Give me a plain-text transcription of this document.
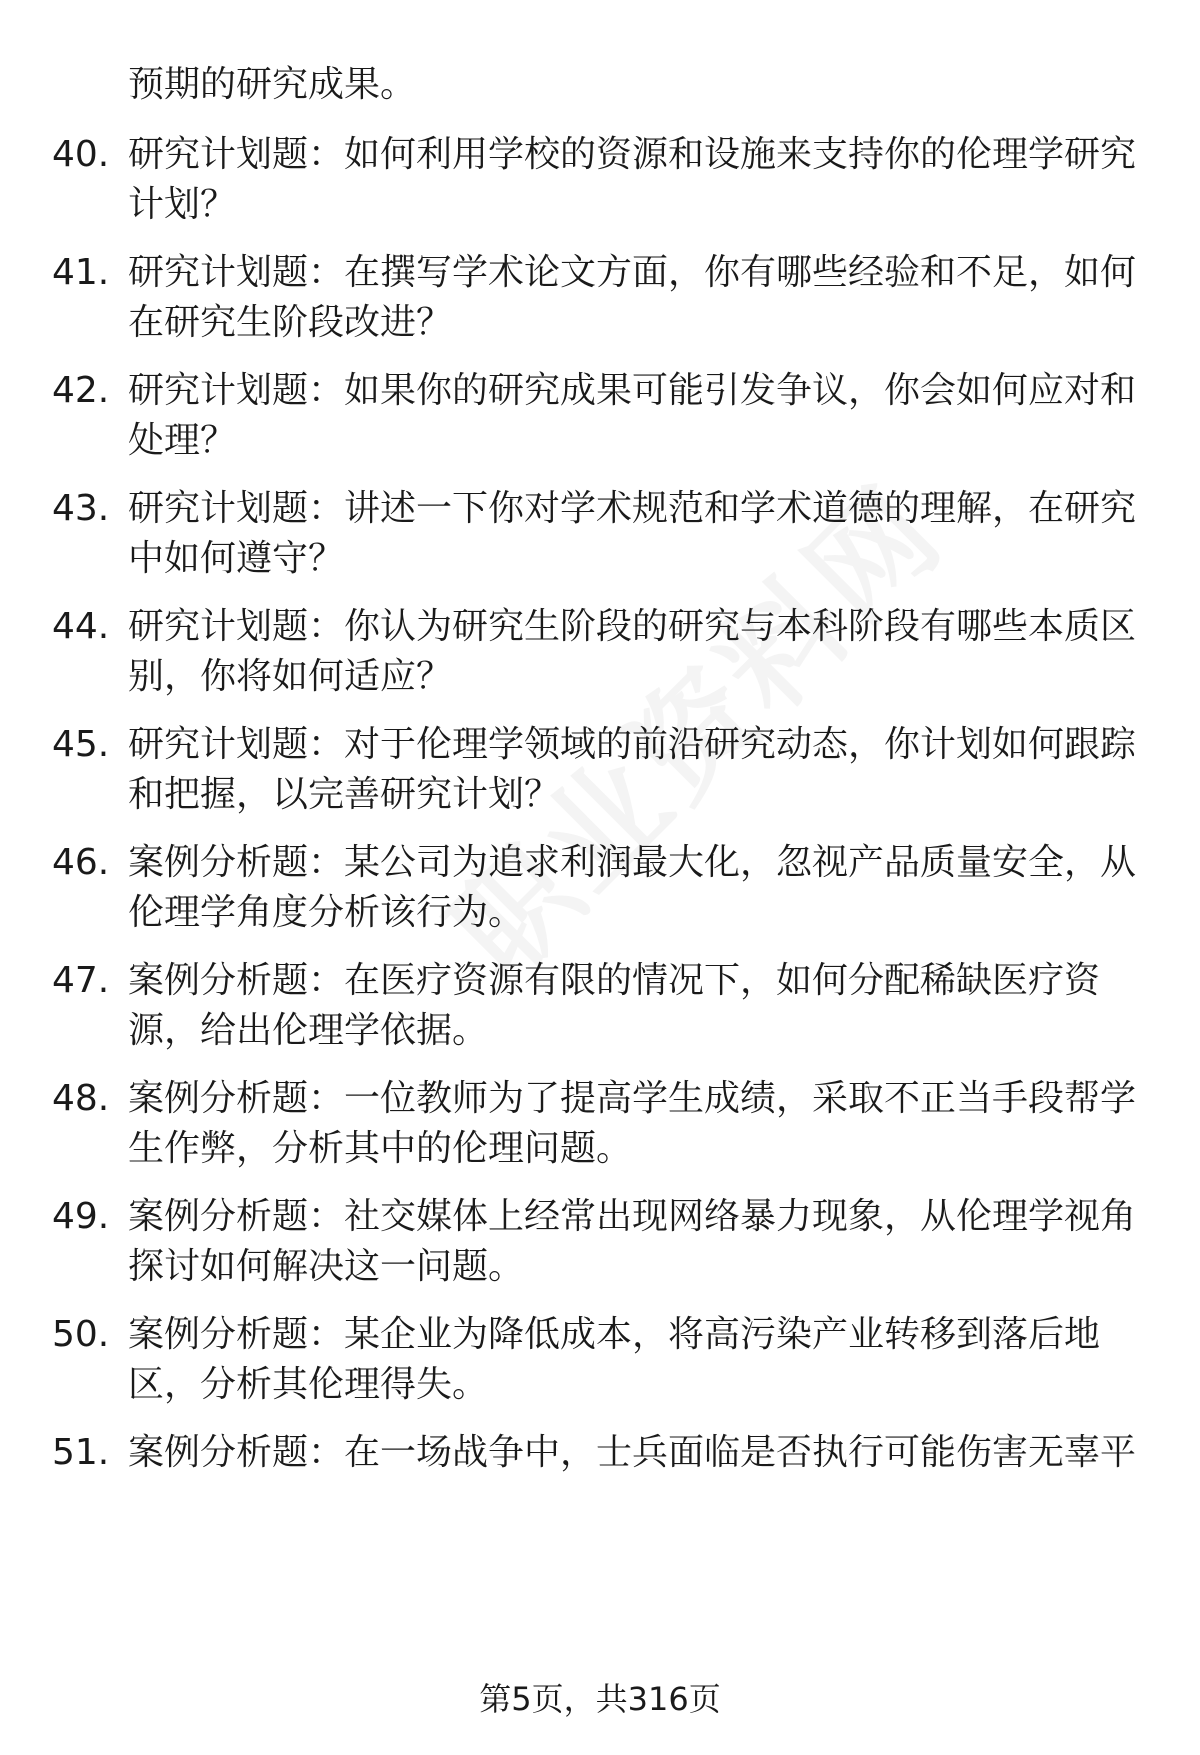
预期的研究成果。
40. 研究计划题：如何利用学校的资源和设施来支持你的伦理学研究计划？
41. 研究计划题：在撰写学术论文方面，你有哪些经验和不足，如何在研究生阶段改进？
42. 研究计划题：如果你的研究成果可能引发争议，你会如何应对和处理？
43. 研究计划题：讲述一下你对学术规范和学术道德的理解，在研究中如何遵守？
44. 研究计划题：你认为研究生阶段的研究与本科阶段有哪些本质区别，你将如何适应？
45. 研究计划题：对于伦理学领域的前沿研究动态，你计划如何跟踪和把握，以完善研究计划？
46. 案例分析题：某公司为追求利润最大化，忽视产品质量安全，从伦理学角度分析该行为。
47. 案例分析题：在医疗资源有限的情况下，如何分配稀缺医疗资源，给出伦理学依据。
48. 案例分析题：一位教师为了提高学生成绩，采取不正当手段帮学生作弊，分析其中的伦理问题。
49. 案例分析题：社交媒体上经常出现网络暴力现象，从伦理学视角探讨如何解决这一问题。
50. 案例分析题：某企业为降低成本，将高污染产业转移到落后地区，分析其伦理得失。
51. 案例分析题：在一场战争中，士兵面临是否执行可能伤害无辜平
第5页，共316页
